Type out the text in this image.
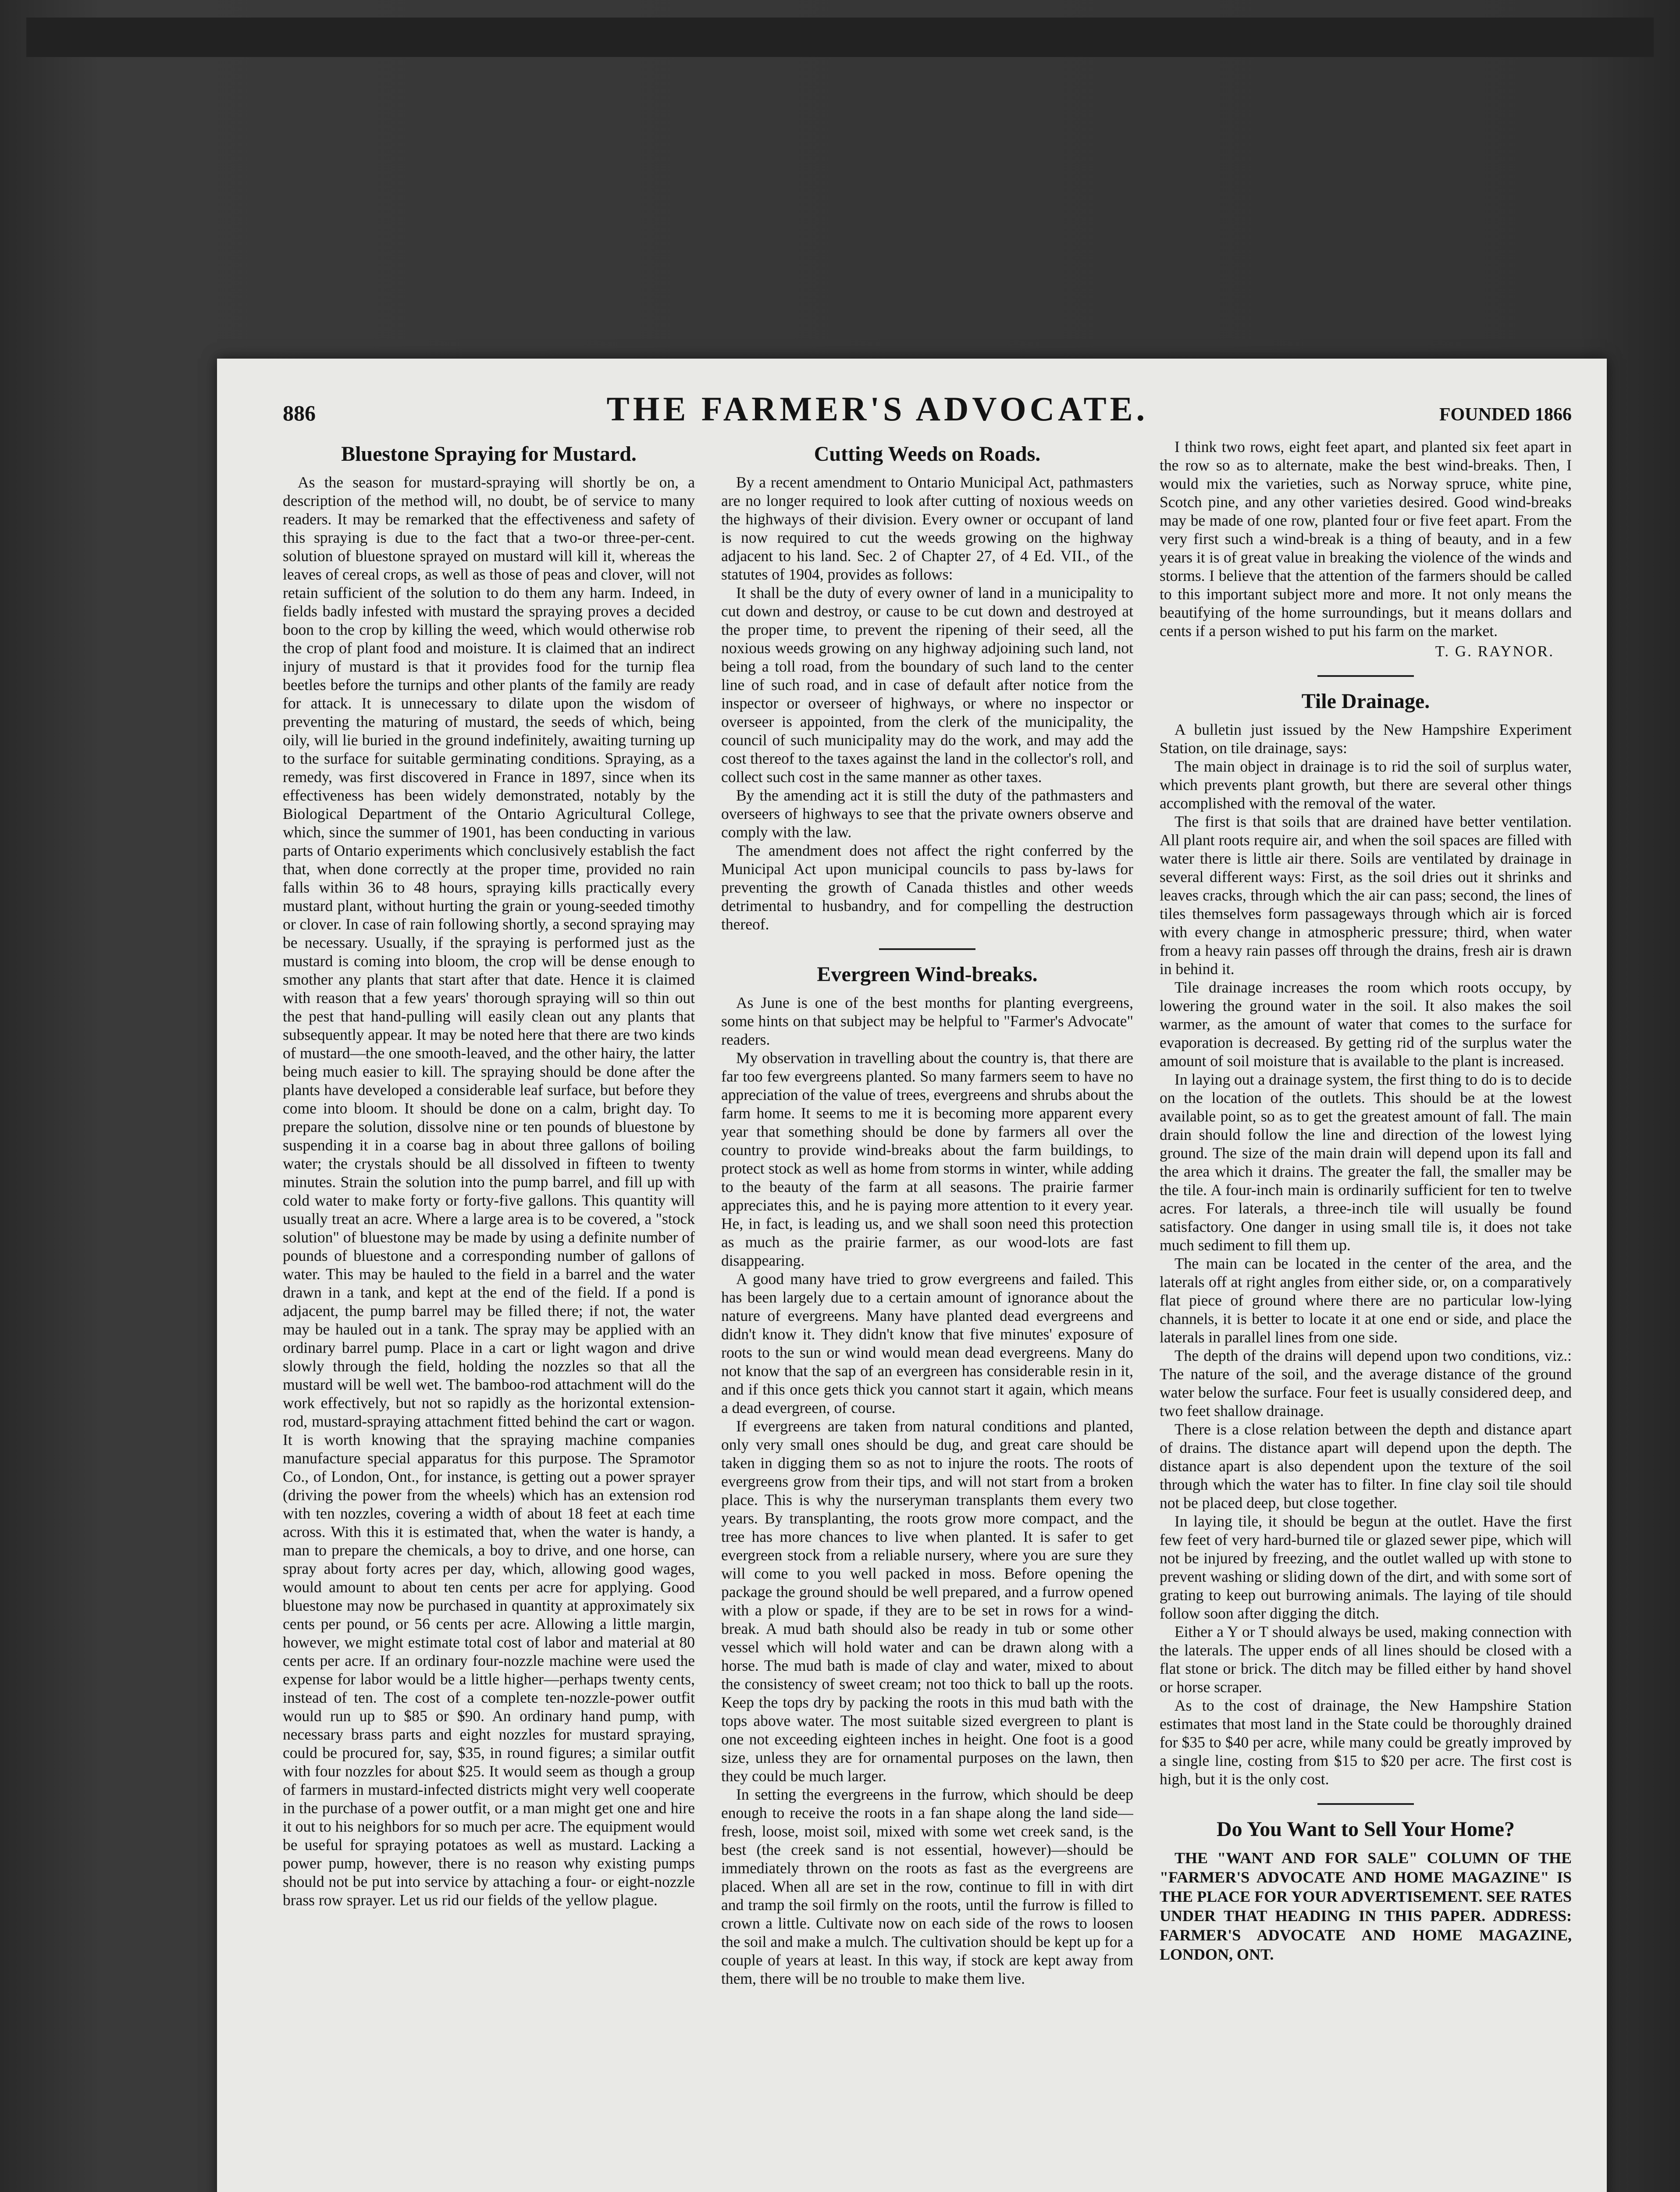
886	THE FARMER'S ADVOCATE.	FOUNDED 1866
Bluestone Spraying for Mustard.

As the season for mustard-spraying will shortly be on, a description of the method will, no doubt, be of service to many readers. It may be remarked that the effectiveness and safety of this spraying is due to the fact that a two-or three-per-cent. solution of bluestone sprayed on mustard will kill it, whereas the leaves of cereal crops, as well as those of peas and clover, will not retain sufficient of the solution to do them any harm. Indeed, in fields badly infested with mustard the spraying proves a decided boon to the crop by killing the weed, which would otherwise rob the crop of plant food and moisture. It is claimed that an indirect injury of mustard is that it provides food for the turnip flea beetles before the turnips and other plants of the family are ready for attack. It is unnecessary to dilate upon the wisdom of preventing the maturing of mustard, the seeds of which, being oily, will lie buried in the ground indefinitely, awaiting turning up to the surface for suitable germinating conditions. Spraying, as a remedy, was first discovered in France in 1897, since when its effectiveness has been widely demonstrated, notably by the Biological Department of the Ontario Agricultural College, which, since the summer of 1901, has been conducting in various parts of Ontario experiments which conclusively establish the fact that, when done correctly at the proper time, provided no rain falls within 36 to 48 hours, spraying kills practically every mustard plant, without hurting the grain or young-seeded timothy or clover. In case of rain following shortly, a second spraying may be necessary. Usually, if the spraying is performed just as the mustard is coming into bloom, the crop will be dense enough to smother any plants that start after that date. Hence it is claimed with reason that a few years' thorough spraying will so thin out the pest that hand-pulling will easily clean out any plants that subsequently appear. It may be noted here that there are two kinds of mustard—the one smooth-leaved, and the other hairy, the latter being much easier to kill. The spraying should be done after the plants have developed a considerable leaf surface, but before they come into bloom. It should be done on a calm, bright day. To prepare the solution, dissolve nine or ten pounds of bluestone by suspending it in a coarse bag in about three gallons of boiling water; the crystals should be all dissolved in fifteen to twenty minutes. Strain the solution into the pump barrel, and fill up with cold water to make forty or forty-five gallons. This quantity will usually treat an acre. Where a large area is to be covered, a "stock solution" of bluestone may be made by using a definite number of pounds of bluestone and a corresponding number of gallons of water. This may be hauled to the field in a barrel and the water drawn in a tank, and kept at the end of the field. If a pond is adjacent, the pump barrel may be filled there; if not, the water may be hauled out in a tank. The spray may be applied with an ordinary barrel pump. Place in a cart or light wagon and drive slowly through the field, holding the nozzles so that all the mustard will be well wet. The bamboo-rod attachment will do the work effectively, but not so rapidly as the horizontal extension-rod, mustard-spraying attachment fitted behind the cart or wagon. It is worth knowing that the spraying machine companies manufacture special apparatus for this purpose. The Spramotor Co., of London, Ont., for instance, is getting out a power sprayer (driving the power from the wheels) which has an extension rod with ten nozzles, covering a width of about 18 feet at each time across. With this it is estimated that, when the water is handy, a man to prepare the chemicals, a boy to drive, and one horse, can spray about forty acres per day, which, allowing good wages, would amount to about ten cents per acre for applying. Good bluestone may now be purchased in quantity at approximately six cents per pound, or 56 cents per acre. Allowing a little margin, however, we might estimate total cost of labor and material at 80 cents per acre. If an ordinary four-nozzle machine were used the expense for labor would be a little higher—perhaps twenty cents, instead of ten. The cost of a complete ten-nozzle-power outfit would run up to $85 or $90. An ordinary hand pump, with necessary brass parts and eight nozzles for mustard spraying, could be procured for, say, $35, in round figures; a similar outfit with four nozzles for about $25. It would seem as though a group of farmers in mustard-infected districts might very well cooperate in the purchase of a power outfit, or a man might get one and hire it out to his neighbors for so much per acre. The equipment would be useful for spraying potatoes as well as mustard. Lacking a power pump, however, there is no reason why existing pumps should not be put into service by attaching a four- or eight-nozzle brass row sprayer. Let us rid our fields of the yellow plague.

Cutting Weeds on Roads.

By a recent amendment to Ontario Municipal Act, pathmasters are no longer required to look after cutting of noxious weeds on the highways of their division. Every owner or occupant of land is now required to cut the weeds growing on the highway adjacent to his land. Sec. 2 of Chapter 27, of 4 Ed. VII., of the statutes of 1904, provides as follows:

It shall be the duty of every owner of land in a municipality to cut down and destroy, or cause to be cut down and destroyed at the proper time, to prevent the ripening of their seed, all the noxious weeds growing on any highway adjoining such land, not being a toll road, from the boundary of such land to the center line of such road, and in case of default after notice from the inspector or overseer of highways, or where no inspector or overseer is appointed, from the clerk of the municipality, the council of such municipality may do the work, and may add the cost thereof to the taxes against the land in the collector's roll, and collect such cost in the same manner as other taxes.

By the amending act it is still the duty of the pathmasters and overseers of highways to see that the private owners observe and comply with the law.

The amendment does not affect the right conferred by the Municipal Act upon municipal councils to pass by-laws for preventing the growth of Canada thistles and other weeds detrimental to husbandry, and for compelling the destruction thereof.

Evergreen Wind-breaks.

As June is one of the best months for planting evergreens, some hints on that subject may be helpful to "Farmer's Advocate" readers.

My observation in travelling about the country is, that there are far too few evergreens planted. So many farmers seem to have no appreciation of the value of trees, evergreens and shrubs about the farm home. It seems to me it is becoming more apparent every year that something should be done by farmers all over the country to provide wind-breaks about the farm buildings, to protect stock as well as home from storms in winter, while adding to the beauty of the farm at all seasons. The prairie farmer appreciates this, and he is paying more attention to it every year. He, in fact, is leading us, and we shall soon need this protection as much as the prairie farmer, as our wood-lots are fast disappearing.

A good many have tried to grow evergreens and failed. This has been largely due to a certain amount of ignorance about the nature of evergreens. Many have planted dead evergreens and didn't know it. They didn't know that five minutes' exposure of roots to the sun or wind would mean dead evergreens. Many do not know that the sap of an evergreen has considerable resin in it, and if this once gets thick you cannot start it again, which means a dead evergreen, of course.

If evergreens are taken from natural conditions and planted, only very small ones should be dug, and great care should be taken in digging them so as not to injure the roots. The roots of evergreens grow from their tips, and will not start from a broken place. This is why the nurseryman transplants them every two years. By transplanting, the roots grow more compact, and the tree has more chances to live when planted. It is safer to get evergreen stock from a reliable nursery, where you are sure they will come to you well packed in moss. Before opening the package the ground should be well prepared, and a furrow opened with a plow or spade, if they are to be set in rows for a wind-break. A mud bath should also be ready in tub or some other vessel which will hold water and can be drawn along with a horse. The mud bath is made of clay and water, mixed to about the consistency of sweet cream; not too thick to ball up the roots. Keep the tops dry by packing the roots in this mud bath with the tops above water. The most suitable sized evergreen to plant is one not exceeding eighteen inches in height. One foot is a good size, unless they are for ornamental purposes on the lawn, then they could be much larger.

In setting the evergreens in the furrow, which should be deep enough to receive the roots in a fan shape along the land side—fresh, loose, moist soil, mixed with some wet creek sand, is the best (the creek sand is not essential, however)—should be immediately thrown on the roots as fast as the evergreens are placed. When all are set in the row, continue to fill in with dirt and tramp the soil firmly on the roots, until the furrow is filled to crown a little. Cultivate now on each side of the rows to loosen the soil and make a mulch. The cultivation should be kept up for a couple of years at least. In this way, if stock are kept away from them, there will be no trouble to make them live.

I think two rows, eight feet apart, and planted six feet apart in the row so as to alternate, make the best wind-breaks. Then, I would mix the varieties, such as Norway spruce, white pine, Scotch pine, and any other varieties desired. Good wind-breaks may be made of one row, planted four or five feet apart. From the very first such a wind-break is a thing of beauty, and in a few years it is of great value in breaking the violence of the winds and storms. I believe that the attention of the farmers should be called to this important subject more and more. It not only means the beautifying of the home surroundings, but it means dollars and cents if a person wished to put his farm on the market.

T. G. RAYNOR.

Tile Drainage.

A bulletin just issued by the New Hampshire Experiment Station, on tile drainage, says:

The main object in drainage is to rid the soil of surplus water, which prevents plant growth, but there are several other things accomplished with the removal of the water.

The first is that soils that are drained have better ventilation. All plant roots require air, and when the soil spaces are filled with water there is little air there. Soils are ventilated by drainage in several different ways: First, as the soil dries out it shrinks and leaves cracks, through which the air can pass; second, the lines of tiles themselves form passageways through which air is forced with every change in atmospheric pressure; third, when water from a heavy rain passes off through the drains, fresh air is drawn in behind it.

Tile drainage increases the room which roots occupy, by lowering the ground water in the soil. It also makes the soil warmer, as the amount of water that comes to the surface for evaporation is decreased. By getting rid of the surplus water the amount of soil moisture that is available to the plant is increased.

In laying out a drainage system, the first thing to do is to decide on the location of the outlets. This should be at the lowest available point, so as to get the greatest amount of fall. The main drain should follow the line and direction of the lowest lying ground. The size of the main drain will depend upon its fall and the area which it drains. The greater the fall, the smaller may be the tile. A four-inch main is ordinarily sufficient for ten to twelve acres. For laterals, a three-inch tile will usually be found satisfactory. One danger in using small tile is, it does not take much sediment to fill them up.

The main can be located in the center of the area, and the laterals off at right angles from either side, or, on a comparatively flat piece of ground where there are no particular low-lying channels, it is better to locate it at one end or side, and place the laterals in parallel lines from one side.

The depth of the drains will depend upon two conditions, viz.: The nature of the soil, and the average distance of the ground water below the surface. Four feet is usually considered deep, and two feet shallow drainage.

There is a close relation between the depth and distance apart of drains. The distance apart will depend upon the depth. The distance apart is also dependent upon the texture of the soil through which the water has to filter. In fine clay soil tile should not be placed deep, but close together.

In laying tile, it should be begun at the outlet. Have the first few feet of very hard-burned tile or glazed sewer pipe, which will not be injured by freezing, and the outlet walled up with stone to prevent washing or sliding down of the dirt, and with some sort of grating to keep out burrowing animals. The laying of tile should follow soon after digging the ditch.

Either a Y or T should always be used, making connection with the laterals. The upper ends of all lines should be closed with a flat stone or brick. The ditch may be filled either by hand shovel or horse scraper.

As to the cost of drainage, the New Hampshire Station estimates that most land in the State could be thoroughly drained for $35 to $40 per acre, while many could be greatly improved by a single line, costing from $15 to $20 per acre. The first cost is high, but it is the only cost.

Do You Want to Sell Your Home?

THE "WANT AND FOR SALE" COLUMN OF THE "FARMER'S ADVOCATE AND HOME MAGAZINE" IS THE PLACE FOR YOUR ADVERTISEMENT. SEE RATES UNDER THAT HEADING IN THIS PAPER. ADDRESS: FARMER'S ADVOCATE AND HOME MAGAZINE, LONDON, ONT.
